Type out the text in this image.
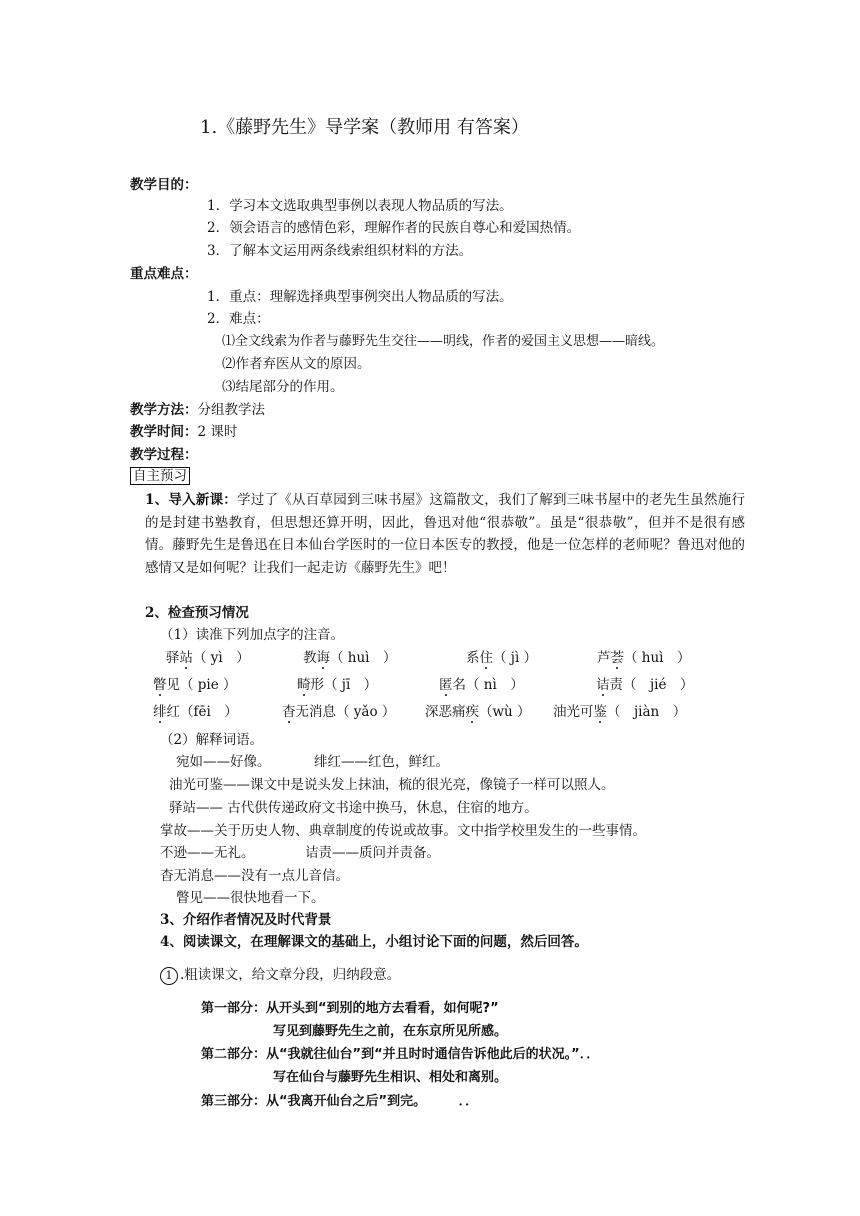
1.《藤野先生》导学案（教师用 有答案）
教学目的：
1．学习本文选取典型事例以表现人物品质的写法。
2．领会语言的感情色彩，理解作者的民族自尊心和爱国热情。
3．了解本文运用两条线索组织材料的方法。
重点难点：
1．重点：理解选择典型事例突出人物品质的写法。
2．难点：
⑴全文线索为作者与藤野先生交往——明线，作者的爱国主义思想——暗线。
⑵作者弃医从文的原因。
⑶结尾部分的作用。
教学方法：分组教学法
教学时间：2 课时
教学过程：
自主预习
1、导入新课：学过了《从百草园到三味书屋》这篇散文，我们了解到三味书屋中的老先生虽然施行的是封建书塾教育，但思想还算开明，因此，鲁迅对他“很恭敬”。虽是“很恭敬”，但并不是很有感情。藤野先生是鲁迅在日本仙台学医时的一位日本医专的教授，他是一位怎样的老师呢？鲁迅对他的感情又是如何呢？让我们一起走访《藤野先生》吧！
2、检查预习情况
（1）读准下列加点字的注音。
驿站（ yì　）	教诲（ huì　）	系住（ jì ）	芦荟（ huì　）
瞥见（ pie ）	畸形（ jī　）	匿名（ nì　）	诘责（　jié　）
绯红（fēi　）	杳无消息（ yǎo ） 深恶痛疾（wù ） 油光可鉴（　jiàn　）
（2）解释词语。
宛如——好像。	绯红——红色，鲜红。
油光可鉴——课文中是说头发上抹油，梳的很光亮，像镜子一样可以照人。
驿站—— 古代供传递政府文书途中换马，休息，住宿的地方。
掌故——关于历史人物、典章制度的传说或故事。文中指学校里发生的一些事情。
不逊——无礼。	诘责——质问并责备。
杳无消息——没有一点儿音信。
瞥见——很快地看一下。
3、介绍作者情况及时代背景
4、阅读课文，在理解课文的基础上，小组讨论下面的问题，然后回答。
1 .粗读课文，给文章分段，归纳段意。
第一部分：从开头到“到别的地方去看看，如何呢?”
写见到藤野先生之前，在东京所见所感。
第二部分：从“我就往仙台”到“并且时时通信告诉他此后的状况。”．．
写在仙台与藤野先生相识、相处和离别。
第三部分：从“我离开仙台之后”到完。　　　．．
